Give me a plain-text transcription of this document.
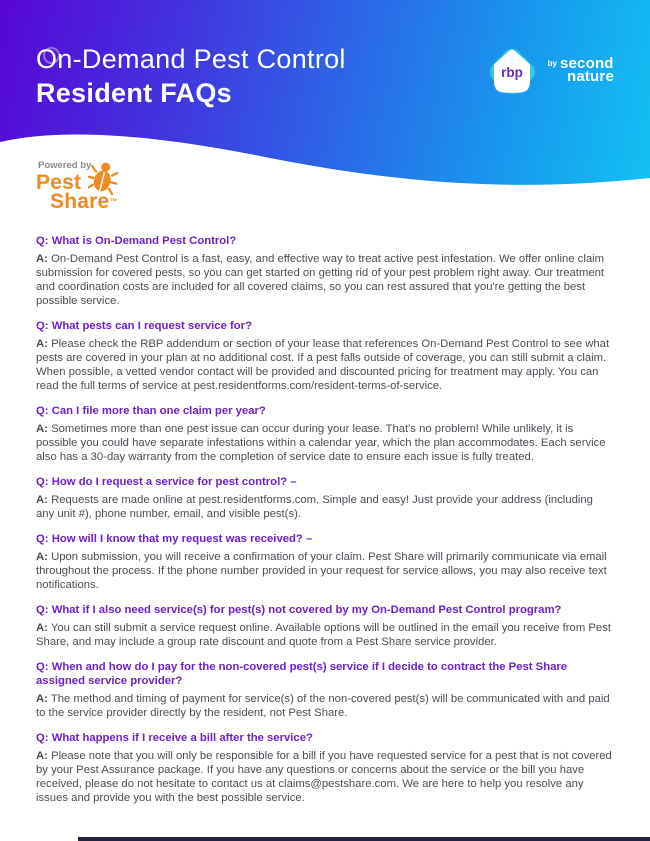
On-Demand Pest Control
Resident FAQs
rbp
by second
nature
Powered by
Pest
Share™
Q: What is On-Demand Pest Control?

A: On-Demand Pest Control is a fast, easy, and effective way to treat active pest infestation. We offer online claim submission for covered pests, so you can get started on getting rid of your pest problem right away. Our treatment and coordination costs are included for all covered claims, so you can rest assured that you're getting the best possible service.

Q: What pests can I request service for?

A: Please check the RBP addendum or section of your lease that references On-Demand Pest Control to see what pests are covered in your plan at no additional cost. If a pest falls outside of coverage, you can still submit a claim. When possible, a vetted vendor contact will be provided and discounted pricing for treatment may apply. You can read the full terms of service at pest.residentforms.com/resident-terms-of-service.

Q: Can I file more than one claim per year?

A: Sometimes more than one pest issue can occur during your lease. That's no problem! While unlikely, it is possible you could have separate infestations within a calendar year, which the plan accommodates. Each service also has a 30-day warranty from the completion of service date to ensure each issue is fully treated.

Q: How do I request a service for pest control? –

A: Requests are made online at pest.residentforms.com. Simple and easy! Just provide your address (including any unit #), phone number, email, and visible pest(s).

Q: How will I know that my request was received? –

A: Upon submission, you will receive a confirmation of your claim. Pest Share will primarily communicate via email throughout the process. If the phone number provided in your request for service allows, you may also receive text notifications.

Q: What if I also need service(s) for pest(s) not covered by my On-Demand Pest Control program?

A: You can still submit a service request online. Available options will be outlined in the email you receive from Pest Share, and may include a group rate discount and quote from a Pest Share service provider.

Q: When and how do I pay for the non-covered pest(s) service if I decide to contract the Pest Share assigned service provider?

A: The method and timing of payment for service(s) of the non-covered pest(s) will be communicated with and paid to the service provider directly by the resident, not Pest Share.

Q: What happens if I receive a bill after the service?

A: Please note that you will only be responsible for a bill if you have requested service for a pest that is not covered by your Pest Assurance package. If you have any questions or concerns about the service or the bill you have received, please do not hesitate to contact us at claims@pestshare.com. We are here to help you resolve any issues and provide you with the best possible service.
